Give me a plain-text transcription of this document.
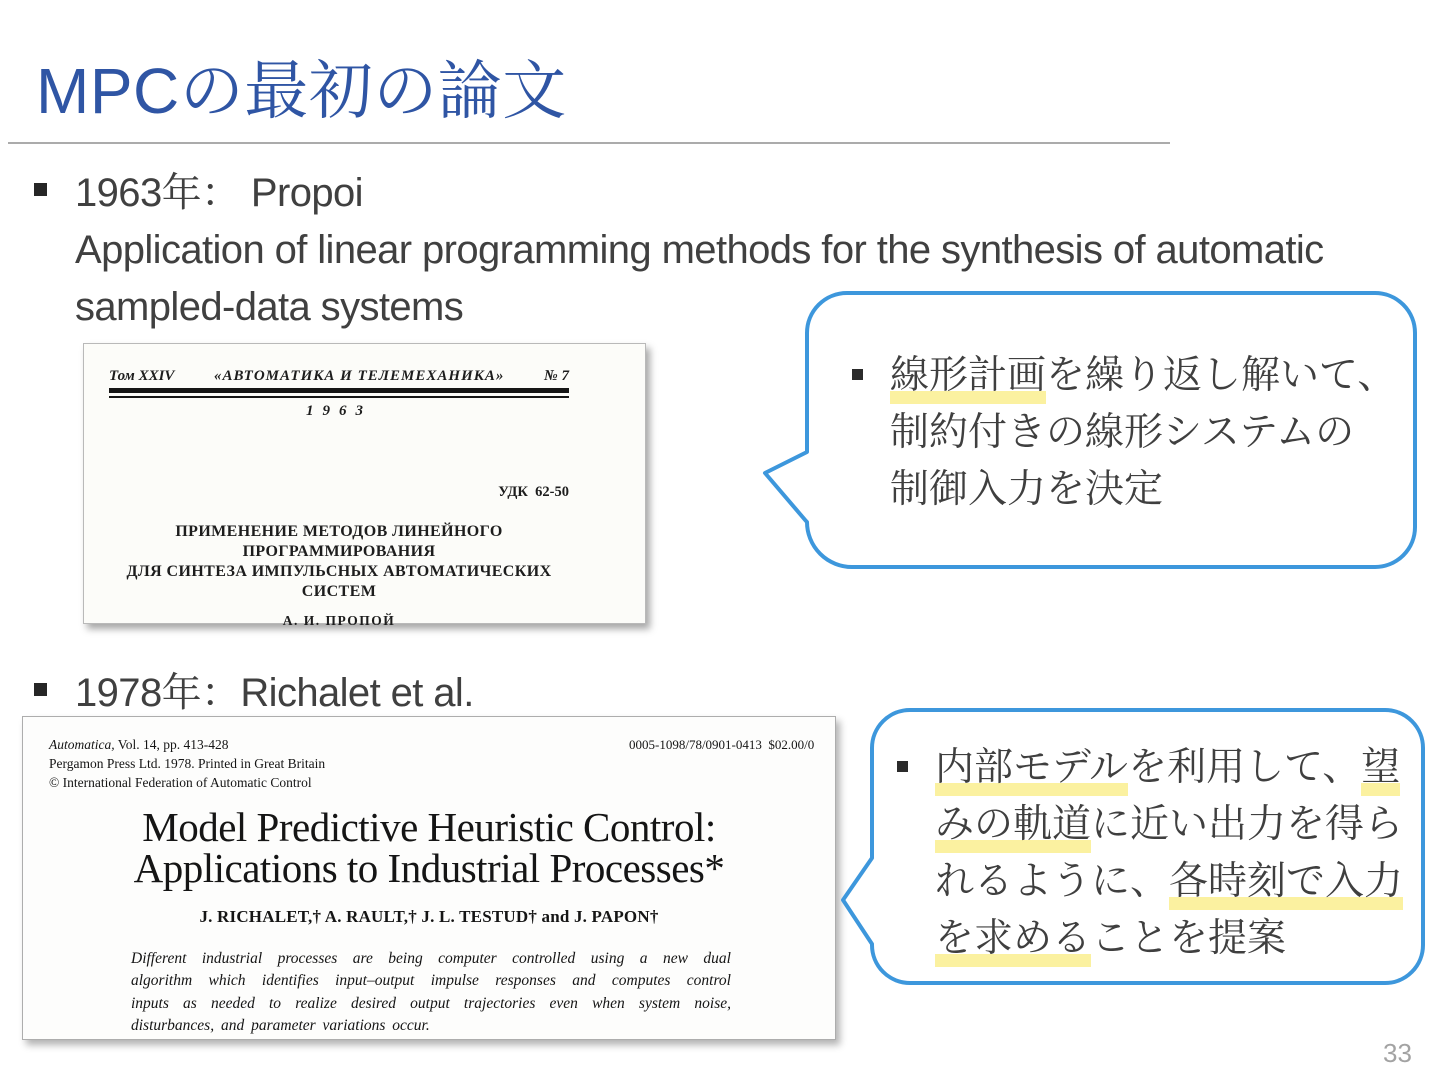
MPCの最初の論文
1963年： Propoi
Application of linear programming methods for the synthesis of automatic
sampled-data systems
Том XXIV	«АВТОМАТИКА И ТЕЛЕМЕХАНИКА»	№ 7
1963
УДК  62-50
ПРИМЕНЕНИЕ МЕТОДОВ ЛИНЕЙНОГО ПРОГРАММИРОВАНИЯ
ДЛЯ СИНТЕЗА ИМПУЛЬСНЫХ АВТОМАТИЧЕСКИХ
СИСТЕМ
А. И. ПРОПОЙ
線形計画を繰り返し解いて、
制約付きの線形システムの
制御入力を決定
1978年：Richalet et al.
Automatica, Vol. 14, pp. 413-428
Pergamon Press Ltd. 1978. Printed in Great Britain
© International Federation of Automatic Control
0005-1098/78/0901-0413  $02.00/0
Model Predictive Heuristic Control:
Applications to Industrial Processes*
J. RICHALET,† A. RAULT,† J. L. TESTUD† and J. PAPON†
Different industrial processes are being computer controlled using a new dual
algorithm which identifies input–output impulse responses and computes control
inputs as needed to realize desired output trajectories even when system noise,
disturbances, and parameter variations occur.
内部モデルを利用して、望
みの軌道に近い出力を得ら
れるように、各時刻で入力
を求めることを提案
33
